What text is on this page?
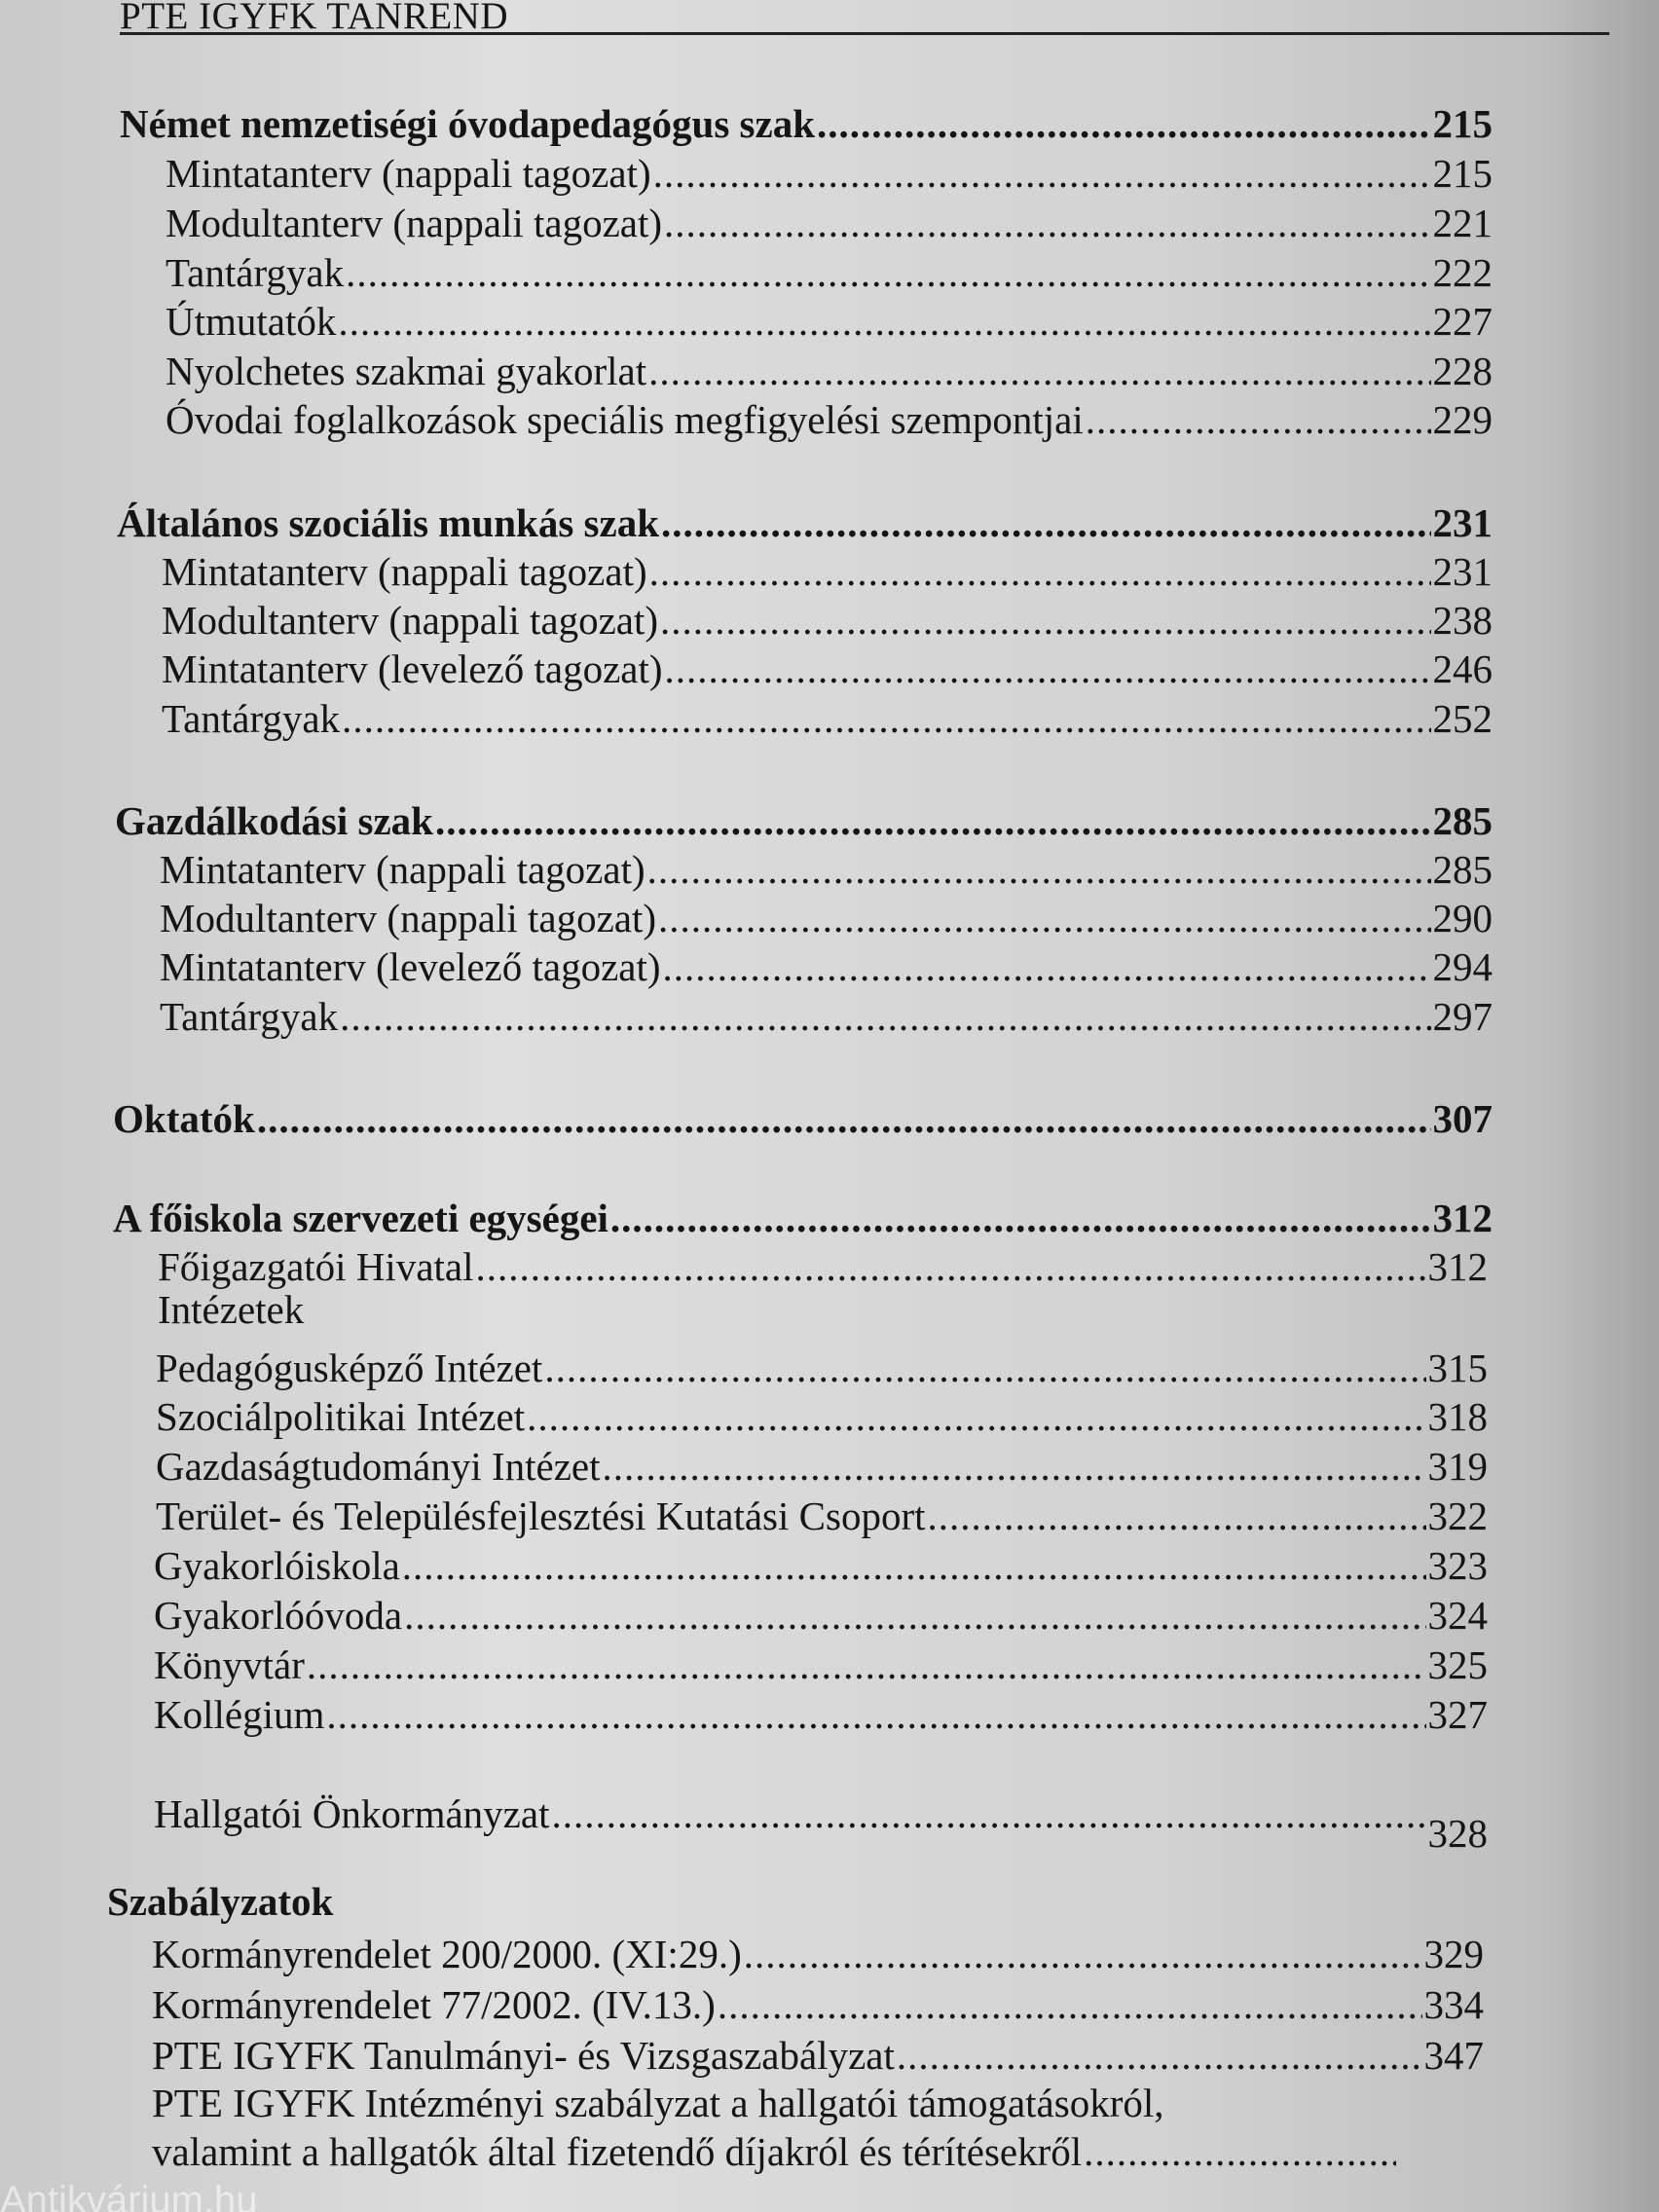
PTE IGYFK TANREND
Német nemzetiségi óvodapedagógus szak .....	215
Mintatanterv (nappali tagozat) .....	215
Modultanterv (nappali tagozat) .....	221
Tantárgyak .....	222
Útmutatók .....	227
Nyolchetes szakmai gyakorlat .....	228
Óvodai foglalkozások speciális megfigyelési szempontjai .....	229
Általános szociális munkás szak .....	231
Mintatanterv (nappali tagozat) .....	231
Modultanterv (nappali tagozat) .....	238
Mintatanterv (levelező tagozat) .....	246
Tantárgyak .....	252
Gazdálkodási szak .....	285
Mintatanterv (nappali tagozat) .....	285
Modultanterv (nappali tagozat) .....	290
Mintatanterv (levelező tagozat) .....	294
Tantárgyak .....	297
Oktatók .....	307
A főiskola szervezeti egységei .....	312
Főigazgatói Hivatal .....	312
Intézetek
Pedagógusképző Intézet .....	315
Szociálpolitikai Intézet .....	318
Gazdaságtudományi Intézet .....	319
Terület- és Településfejlesztési Kutatási Csoport .....	322
Gyakorlóiskola .....	323
Gyakorlóóvoda .....	324
Könyvtár .....	325
Kollégium .....	327
Hallgatói Önkormányzat .....	328
Szabályzatok
Kormányrendelet 200/2000. (XI:29.) .....	329
Kormányrendelet 77/2002. (IV.13.) .....	334
PTE IGYFK Tanulmányi- és Vizsgaszabályzat .....	347
PTE IGYFK Intézményi szabályzat a hallgatói támogatásokról,
valamint a hallgatók által fizetendő díjakról és térítésekről
.....
Antikvárium.hu
